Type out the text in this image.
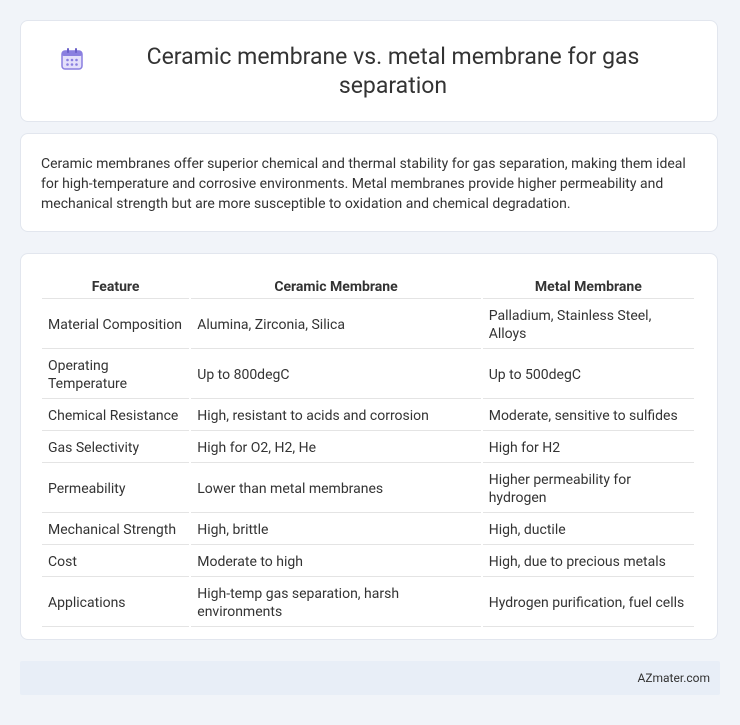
Ceramic membrane vs. metal membrane for gas separation

Ceramic membranes offer superior chemical and thermal stability for gas separation, making them ideal for high-temperature and corrosive environments. Metal membranes provide higher permeability and mechanical strength but are more susceptible to oxidation and chemical degradation.

Feature	Ceramic Membrane	Metal Membrane
Material Composition	Alumina, Zirconia, Silica	Palladium, Stainless Steel, Alloys
Operating Temperature	Up to 800degC	Up to 500degC
Chemical Resistance	High, resistant to acids and corrosion	Moderate, sensitive to sulfides
Gas Selectivity	High for O2, H2, He	High for H2
Permeability	Lower than metal membranes	Higher permeability for hydrogen
Mechanical Strength	High, brittle	High, ductile
Cost	Moderate to high	High, due to precious metals
Applications	High-temp gas separation, harsh environments	Hydrogen purification, fuel cells
AZmater.com
